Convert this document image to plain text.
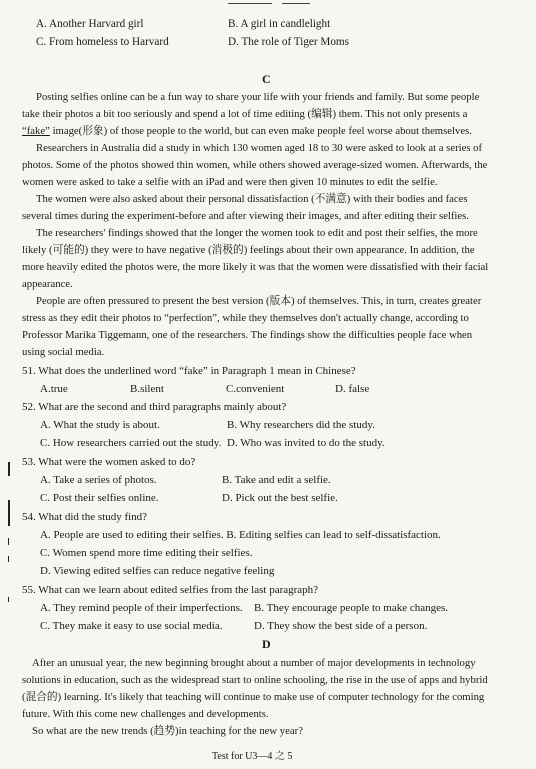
A. Another Harvard girl	B. A girl in candlelight
C. From homeless to Harvard	D. The role of Tiger Moms
C
Posting selfies online can be a fun way to share your life with your friends and family. But some people
take their photos a bit too seriously and spend a lot of time editing (编辑) them. This not only presents a
“fake” image(形象) of those people to the world, but can even make people feel worse about themselves.
Researchers in Australia did a study in which 130 women aged 18 to 30 were asked to look at a series of
photos. Some of the photos showed thin women, while others showed average-sized women. Afterwards, the
women were asked to take a selfie with an iPad and were then given 10 minutes to edit the selfie.
The women were also asked about their personal dissatisfaction (不满意) with their bodies and faces
several times during the experiment-before and after viewing their images, and after editing their selfies.
The researchers' findings showed that the longer the women took to edit and post their selfies, the more
likely (可能的) they were to have negative (消极的) feelings about their own appearance. In addition, the
more heavily edited the photos were, the more likely it was that the women were dissatisfied with their facial
appearance.
People are often pressured to present the best version (版本) of themselves. This, in turn, creates greater
stress as they edit their photos to “perfection”, while they themselves don't actually change, according to
Professor Marika Tiggemann, one of the researchers. The findings show the difficulties people face when
using social media.
51. What does the underlined word “fake” in Paragraph 1 mean in Chinese?
A.true	B.silent	C.convenient	D. false
52. What are the second and third paragraphs mainly about?
A. What the study is about.	B. Why researchers did the study.
C. How researchers carried out the study. D. Who was invited to do the study.
53. What were the women asked to do?
A. Take a series of photos.	B. Take and edit a selfie.
C. Post their selfies online.	D. Pick out the best selfie.
54. What did the study find?
A. People are used to editing their selfies. B. Editing selfies can lead to self-dissatisfaction.
C. Women spend more time editing their selfies.
D. Viewing edited selfies can reduce negative feeling
55. What can we learn about edited selfies from the last paragraph?
A. They remind people of their imperfections. B. They encourage people to make changes.
C. They make it easy to use social media.	D. They show the best side of a person.
D
After an unusual year, the new beginning brought about a number of major developments in technology
solutions in education, such as the widespread start to online schooling, the rise in the use of apps and hybrid
(混合的) learning. It's likely that teaching will continue to make use of computer technology for the coming
future. With this come new challenges and developments.
So what are the new trends (趋势)in teaching for the new year?
Test for U3—4 之 5
